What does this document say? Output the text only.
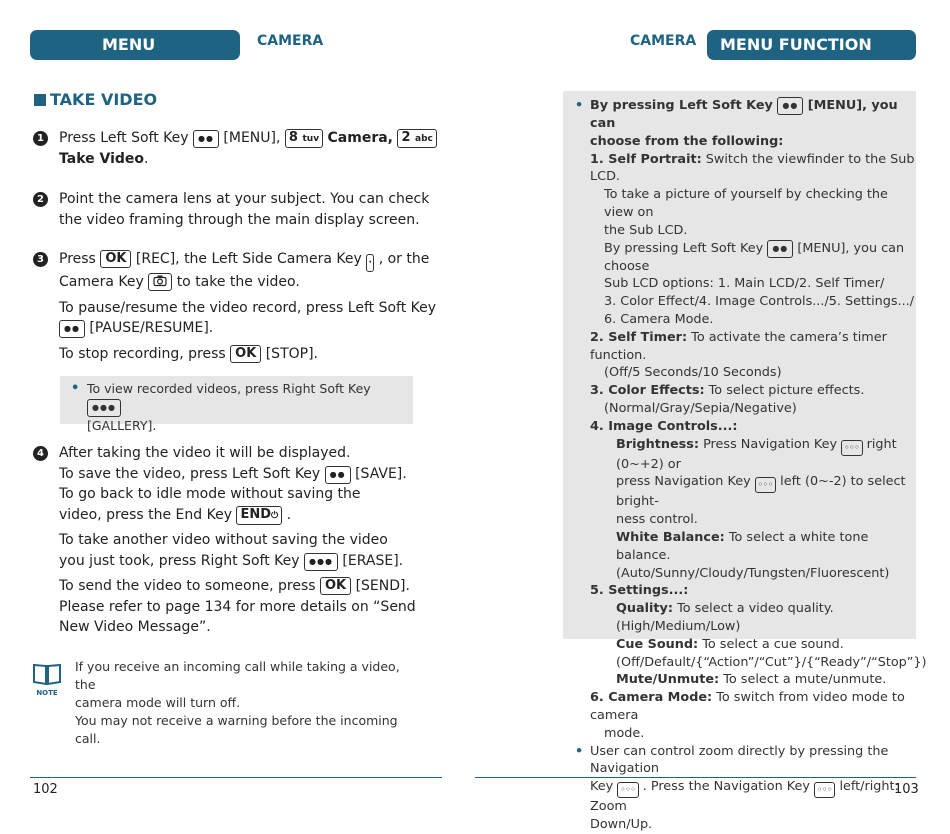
MENU FUNCTION
CAMERA	CAMERA MENU FUNCTION
TAKE VIDEO
1 Press Left Soft Key ●● [MENU], 8 tuv Camera, 2 abc
Take Video.
2 Point the camera lens at your subject. You can check
the video framing through the main display screen.
3 Press OK [REC], the Left Side Camera Key · , or the
Camera Key to take the video.
To pause/resume the video record, press Left Soft Key
●● [PAUSE/RESUME].
To stop recording, press OK [STOP].
• To view recorded videos, press Right Soft Key ●●●
[GALLERY].
4 After taking the video it will be displayed.
To save the video, press Left Soft Key ●● [SAVE].
To go back to idle mode without saving the
video, press the End Key END⏻ .
To take another video without saving the video
you just took, press Right Soft Key ●●● [ERASE].
To send the video to someone, press OK [SEND].
Please refer to page 134 for more details on “Send
New Video Message”.
NOTE
If you receive an incoming call while taking a video, the
camera mode will turn off.
You may not receive a warning before the incoming call.
• By pressing Left Soft Key ●● [MENU], you can
choose from the following:
1. Self Portrait: Switch the viewfinder to the Sub LCD.
To take a picture of yourself by checking the view on
the Sub LCD.
By pressing Left Soft Key ●● [MENU], you can choose
Sub LCD options: 1. Main LCD/2. Self Timer/
3. Color Effect/4. Image Controls.../5. Settings.../
6. Camera Mode.
2. Self Timer: To activate the camera’s timer function.
(Off/5 Seconds/10 Seconds)
3. Color Effects: To select picture effects.
(Normal/Gray/Sepia/Negative)
4. Image Controls...:
Brightness: Press Navigation Key ◦◦◦ right (0~+2) or
press Navigation Key ◦◦◦ left (0~-2) to select bright-
ness control.
White Balance: To select a white tone balance.
(Auto/Sunny/Cloudy/Tungsten/Fluorescent)
5. Settings...:
Quality: To select a video quality.
(High/Medium/Low)
Cue Sound: To select a cue sound.
(Off/Default/{“Action”/“Cut”}/{“Ready”/“Stop”})
Mute/Unmute: To select a mute/unmute.
6. Camera Mode: To switch from video mode to camera
mode.
• User can control zoom directly by pressing the Navigation
Key ◦◦◦ . Press the Navigation Key ◦◦◦ left/right: Zoom
Down/Up.
102	103
